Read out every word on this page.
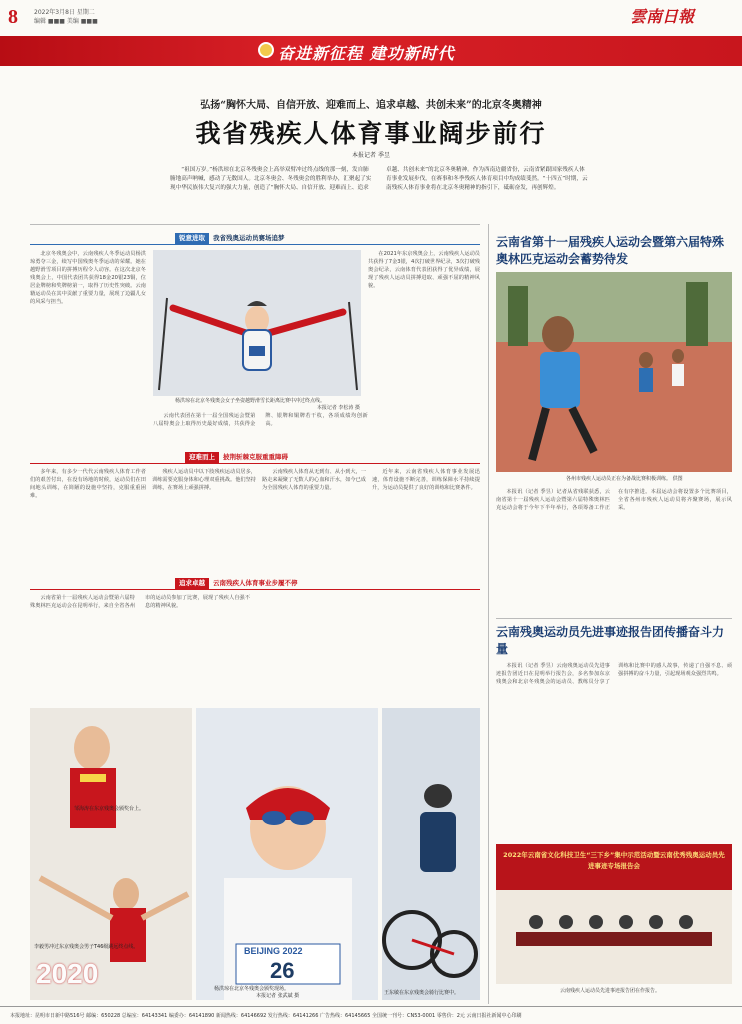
8	2022年3月8日 星期二
编辑 ■■■ 美编 ■■■	雲南日報
奋进新征程 建功新时代
弘扬“胸怀大局、自信开放、迎难而上、追求卓越、共创未来”的北京冬奥精神
我省残疾人体育事业阔步前行
本报记者 季昱
“祖国万岁。”杨洪琼在北京冬残奥会上高举双臂冲过终点线的那一刻，发自肺腑地高声呐喊，感动了无数国人。北京冬奥会、冬残奥会的胜利举办，汇聚起了实现中华民族伟大复兴的强大力量，创造了“胸怀大局、自信开放、迎难而上、追求卓越、共创未来”的北京冬奥精神。作为西南边疆省份，云南省紧跟国家残疾人体育事业发展步伐，在赛事和冬季残疾人体育项目中均成绩斐然。“十四五”时期，云南残疾人体育事业将在北京冬奥精神的指引下，砥砺奋发，再创辉煌。
锐意进取 我省残奥运动员赛场追梦
北京冬残奥会中，云南残疾人冬季运动员杨洪琼勇夺三金，续写中国残奥冬季运动的荣耀。她在越野滑雪项目的拼搏历程令人动容。在这次北京冬残奥会上，中国代表团共获得18金20银23铜，位居金牌榜和奖牌榜第一，取得了历史性突破。云南籍运动员在其中贡献了重要力量，展现了边疆儿女的风采与担当。
杨洪琼在北京冬残奥会女子坐姿越野滑雪长距离比赛中冲过终点线。
本报记者 李松涛 摄
在2021年东京残奥会上，云南残疾人运动员共获得了7金3银，4次打破世界纪录，3次打破残奥会纪录，云南体育代表团获得了优异成绩，展现了残疾人运动员拼搏进取、顽强不屈的精神风貌。
云南代表团在第十一届全国残运会暨第八届特奥会上取得历史最好成绩，共获得金牌、银牌和铜牌若干枚，各项成绩均创新高。
迎难而上 披荆斩棘克服重重障碍
多年来，有多少一代代云南残疾人体育工作者们的艰苦付出，在没有场地的时候，运动员们在田间地头训练，在简陋的设施中坚持，克服重重困难。
残疾人运动员中以下肢残疾运动员居多，训练需要克服身体和心理双重挑战。他们坚持训练，在赛场上顽强拼搏。
云南残疾人体育从无到有、从小到大，一路走来凝聚了无数人的心血和汗水，如今已成为全国残疾人体育的重要力量。
近年来，云南省残疾人体育事业发展迅速，体育设施不断完善，训练保障水平持续提升，为运动员提供了良好的训练和比赛条件。
追求卓越 云南残疾人体育事业步履不停
云南省第十一届残疾人运动会暨第六届特殊奥林匹克运动会在昆明举行，来自全省各州市的运动员参加了比赛，展现了残疾人自强不息的精神风貌。
邹海涛在东京残奥会颁奖台上。
李毅男冲过东京残奥会男子T46级跳远终点线。
2020
BEIJING 2022
26
杨洪琼在北京冬残奥会颁奖现场。
本报记者 张武斌 摄	王东敏在东京残奥会骑行比赛中。
云南省第十一届残疾人运动会暨第六届特殊奥林匹克运动会蓄势待发
各州市残疾人运动员正在为备战比赛积极训练。 供图
本报讯（记者 季昱）记者从省残联获悉，云南省第十一届残疾人运动会暨第六届特殊奥林匹克运动会将于今年下半年举行，各项筹备工作正在有序推进。本届运动会将设置多个比赛项目，全省各州市残疾人运动员将齐聚赛场，展示风采。
云南残奥运动员先进事迹报告团传播奋斗力量
本报讯（记者 季昱）云南残奥运动员先进事迹报告团近日在昆明举行报告会，多名参加东京残奥会和北京冬残奥会的运动员、教练员分享了训练和比赛中的感人故事，传递了自强不息、顽强拼搏的奋斗力量，引起现场观众强烈共鸣。
2022年云南省文化科技卫生“三下乡”集中示范活动暨云南优秀残奥运动员先进事迹专场报告会
云南残疾人运动员先进事迹报告团在作报告。
本报地址：昆明市日新中路516号 邮编：650228 总编室：64143341 编委办：64141890 新闻热线：64146692 发行热线：64141266 广告热线：64145665 全国统一刊号：CN53-0001 零售价：2元 云南日报社新闻中心印刷
